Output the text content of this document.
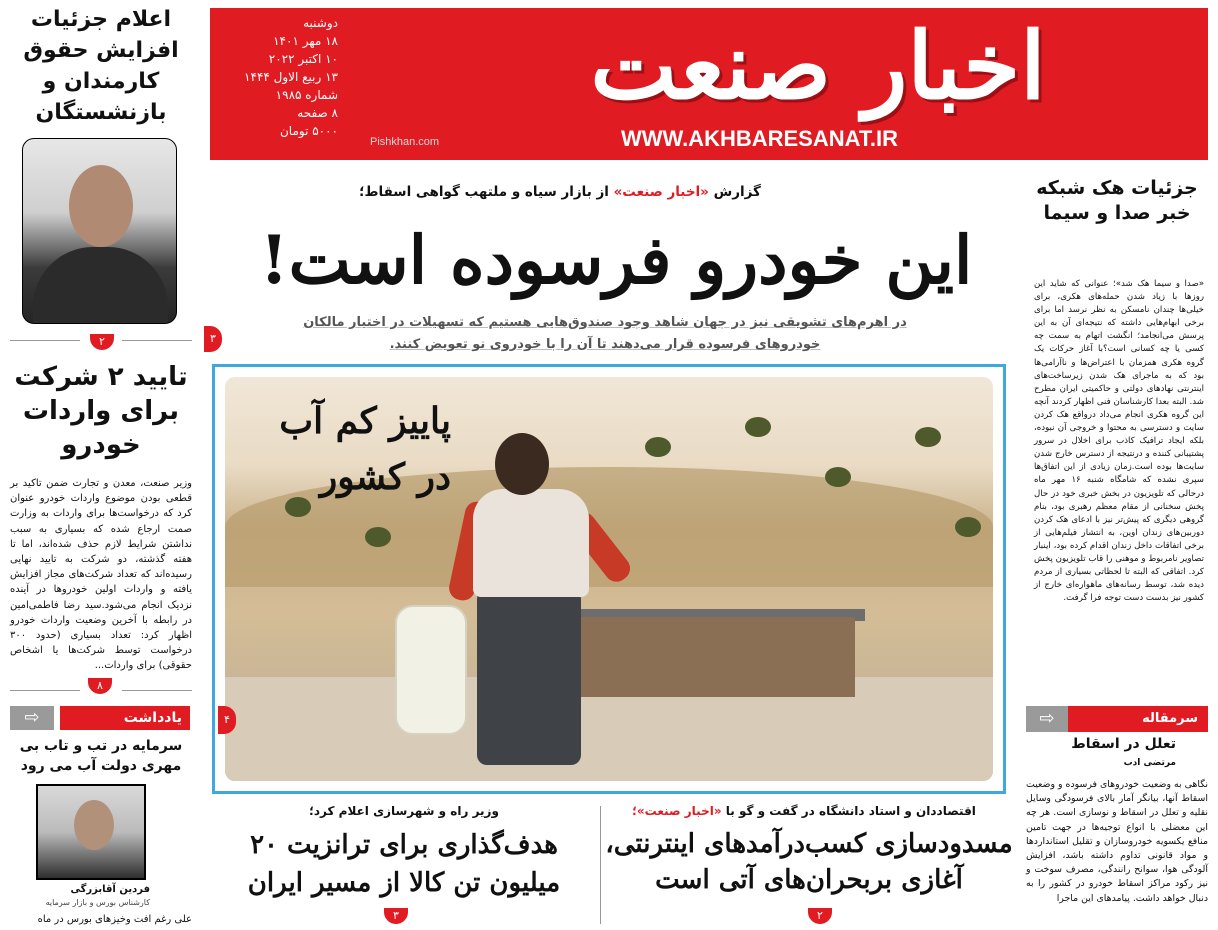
اخبار صنعت
WWW.AKHBARESANAT.IR
Pishkhan.com
دوشنبه
۱۸ مهر ۱۴۰۱
۱۰ اکتبر ۲۰۲۲
۱۳ ربیع الاول ۱۴۴۴
شماره ۱۹۸۵
۸ صفحه
۵۰۰۰ تومان
اعلام جزئیات افزایش حقوق کارمندان و بازنشستگان
۲
تایید ۲ شرکت برای واردات خودرو
وزیر صنعت، معدن و تجارت ضمن تاکید بر قطعی بودن موضوع واردات خودرو عنوان کرد که درخواست‌ها برای واردات به وزارت صمت ارجاع شده که بسیاری به سبب نداشتن شرایط لازم حذف شده‌اند، اما تا هفته گذشته، دو شرکت به تایید نهایی رسیده‌اند که تعداد شرکت‌های مجاز افزایش یافته و واردات اولین خودروها در آینده نزدیک انجام می‌شود.سید رضا فاطمی‌امین در رابطه با آخرین وضعیت واردات خودرو اظهار کرد: تعداد بسیاری (حدود ۳۰۰ درخواست توسط شرکت‌ها یا اشخاص حقوقی) برای واردات...
۸
⇨	یادداشت
سرمایه در تب و تاب بی مهری دولت آب می رود
فردین آقابزرگی
کارشناس بورس و بازار سرمایه
علی رغم افت وخیزهای بورس در ماه
جزئیات هک شبکه خبر صدا و سیما
«صدا و سیما هک شد»؛ عنوانی که شاید این روزها با زیاد شدن حمله‌های هکری، برای خیلی‌ها چندان نامسکن به نظر نرسد اما برای برخی ابهام‌هایی داشته که نتیجه‌ای آن به این پرسش می‌انجامد؛ انگشت اتهام به سمت چه کسی یا چه کسانی است؟با آغاز حرکات یک گروه هکری همزمان با اعتراض‌ها و ناآرامی‌ها بود که به ماجرای هک شدن زیرساخت‌های اینترنتی نهادهای دولتی و حاکمیتی ایران مطرح شد. البته بعدا کارشناسان فنی اظهار کردند آنچه این گروه هکری انجام می‌داد درواقع هک کردن سایت و دسترسی به محتوا و خروجی آن نبوده، بلکه ایجاد ترافیک کاذب برای اخلال در سرور پشتیبانی کننده و درنتیجه از دسترس خارج شدن سایت‌ها بوده است.زمان زیادی از این اتفاق‌ها سپری نشده که شامگاه شنبه ۱۶ مهر ماه درحالی که تلویزیون در بخش خبری خود در حال پخش سخنانی از مقام معظم رهبری بود، بنام گروهی دیگری که پیش‌تر نیز با ادعای هک کردن دوربین‌های زندان اوین، به انتشار فیلم‌هایی از برخی اتفاقات داخل زندان اقدام کرده بود، اینبار تصاویر نامربوط و موهنی را قاب تلویزیون پخش کرد. اتفاقی که البته تا لحظاتی بسیاری از مردم دیده شد، توسط رسانه‌های ماهواره‌ای خارج از کشور نیز بدست دست توجه فرا گرفت.
⇨	سرمقاله
تعلل در اسقاط
مرتضی ادب
نگاهی به وضعیت خودروهای فرسوده و وضعیت اسقاط آنها، بیانگر آمار بالای فرسودگی وسایل نقلیه و تعلل در اسقاط و نوسازی است. هر چه این معضلی با انواع توجیه‌ها در جهت تامین منافع یکسویه خودروسازان و تقلیل استانداردها و مواد قانونی تداوم داشته باشد، افزایش آلودگی هوا، سوانح رانندگی، مصرف سوخت و نیز رکود مراکز اسقاط خودرو در کشور را به دنبال خواهد داشت. پیامدهای این ماجرا
گزارش «اخبار صنعت» از بازار سیاه و ملتهب گواهی اسقاط؛
این خودرو فرسوده است!
۳
در اهرم‌های تشویقی نیز در جهان شاهد وجود صندوق‌هایی هستیم که تسهیلات در اختیار مالکان خودروهای فرسوده قرار می‌دهند تا آن را با خودروی نو تعویض کنند.
پاییز کم آب در کشور
۴
اقتصاددان و استاد دانشگاه در گفت و گو با «اخبار صنعت»؛
مسدودسازی کسب‌درآمدهای اینترنتی، آغازی بربحران‌های آتی است
۲
وزیر راه و شهرسازی اعلام کرد؛
هدف‌گذاری برای ترانزیت ۲۰ میلیون تن کالا از مسیر ایران
۳
